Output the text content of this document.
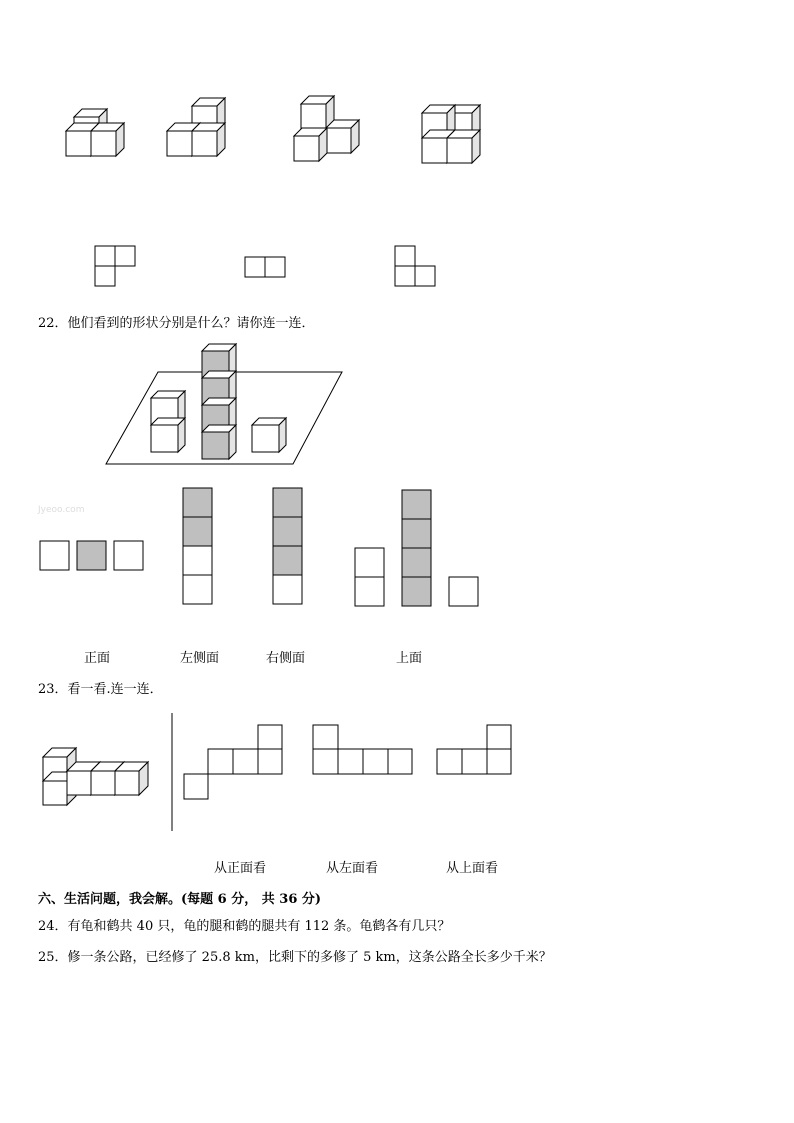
22．他们看到的形状分别是什么？请你连一连．
Jyeoo.com
正面	左侧面	右侧面	上面
23．看一看.连一连．
从正面看	从左面看	从上面看
六、生活问题，我会解。(每题 6 分， 共 36 分)
24．有龟和鹤共 40 只，龟的腿和鹤的腿共有 112 条。龟鹤各有几只？
25．修一条公路，已经修了 25.8 km，比剩下的多修了 5 km，这条公路全长多少千米？
